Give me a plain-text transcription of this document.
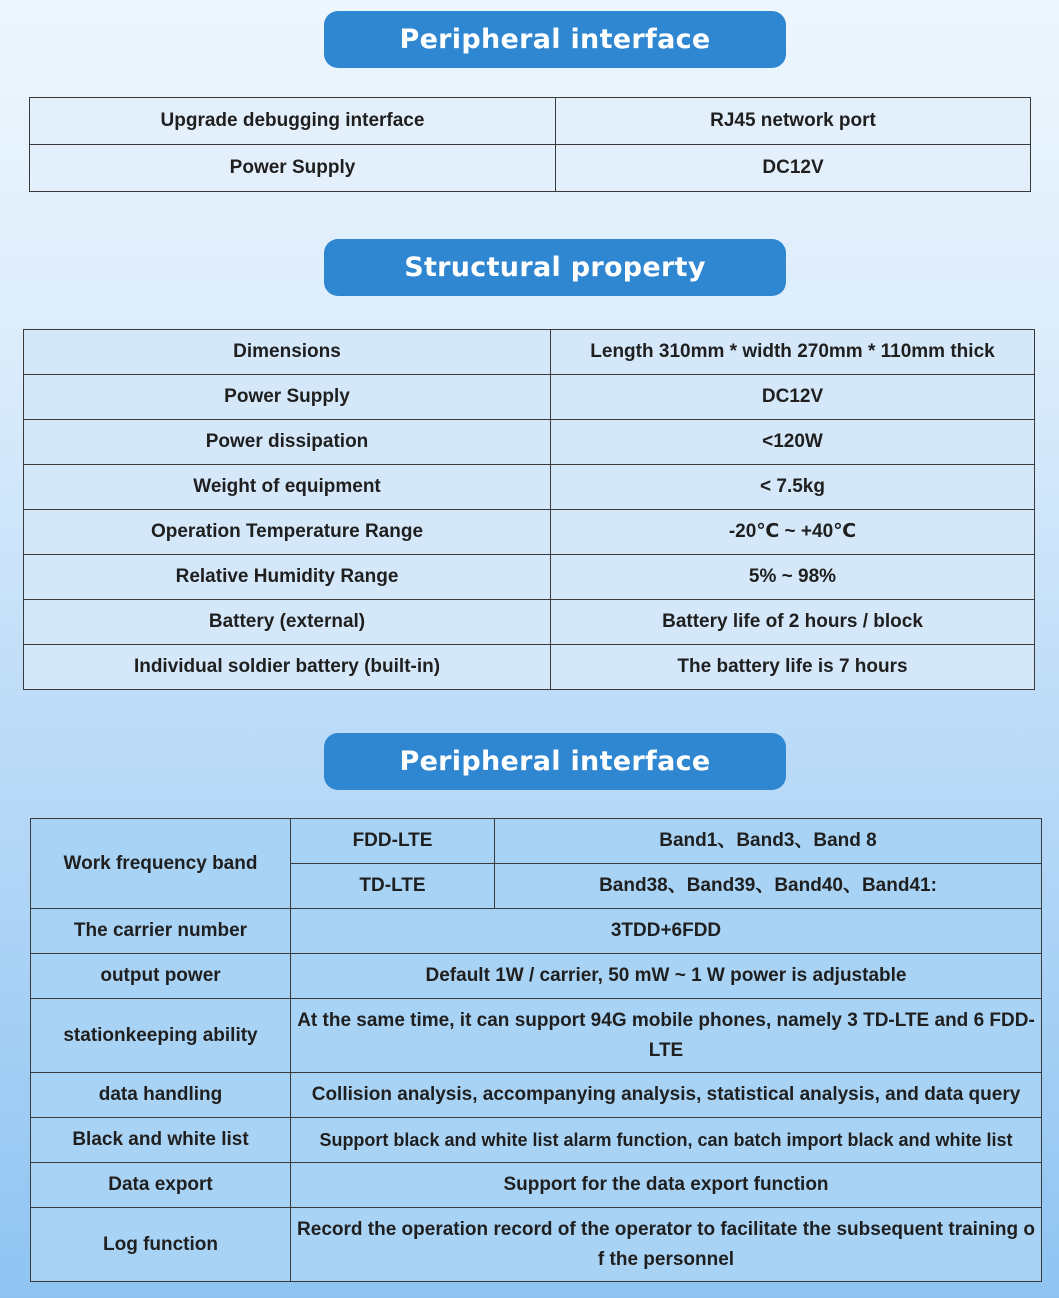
Peripheral interface
Upgrade debugging interface	RJ45 network port
Power Supply	DC12V
Structural property
Dimensions	Length 310mm * width 270mm * 110mm thick
Power Supply	DC12V
Power dissipation	<120W
Weight of equipment	< 7.5kg
Operation Temperature Range	-20℃ ~ +40℃
Relative Humidity Range	5% ~ 98%
Battery (external)	Battery life of 2 hours / block
Individual soldier battery (built-in)	The battery life is 7 hours
Peripheral interface
Work frequency band	FDD-LTE	Band1、Band3、Band 8
	TD-LTE	Band38、Band39、Band40、Band41:
The carrier number	3TDD+6FDD	
output power	Default 1W / carrier, 50 mW ~ 1 W power is adjustable	
stationkeeping ability	At the same time, it can support 94G mobile phones, namely 3 TD-LTE and 6 FDD-LTE	
data handling	Collision analysis, accompanying analysis, statistical analysis, and data query	
Black and white list	Support black and white list alarm function, can batch import black and white list	
Data export	Support for the data export function	
Log function	Record the operation record of the operator to facilitate the subsequent training o f the personnel	
